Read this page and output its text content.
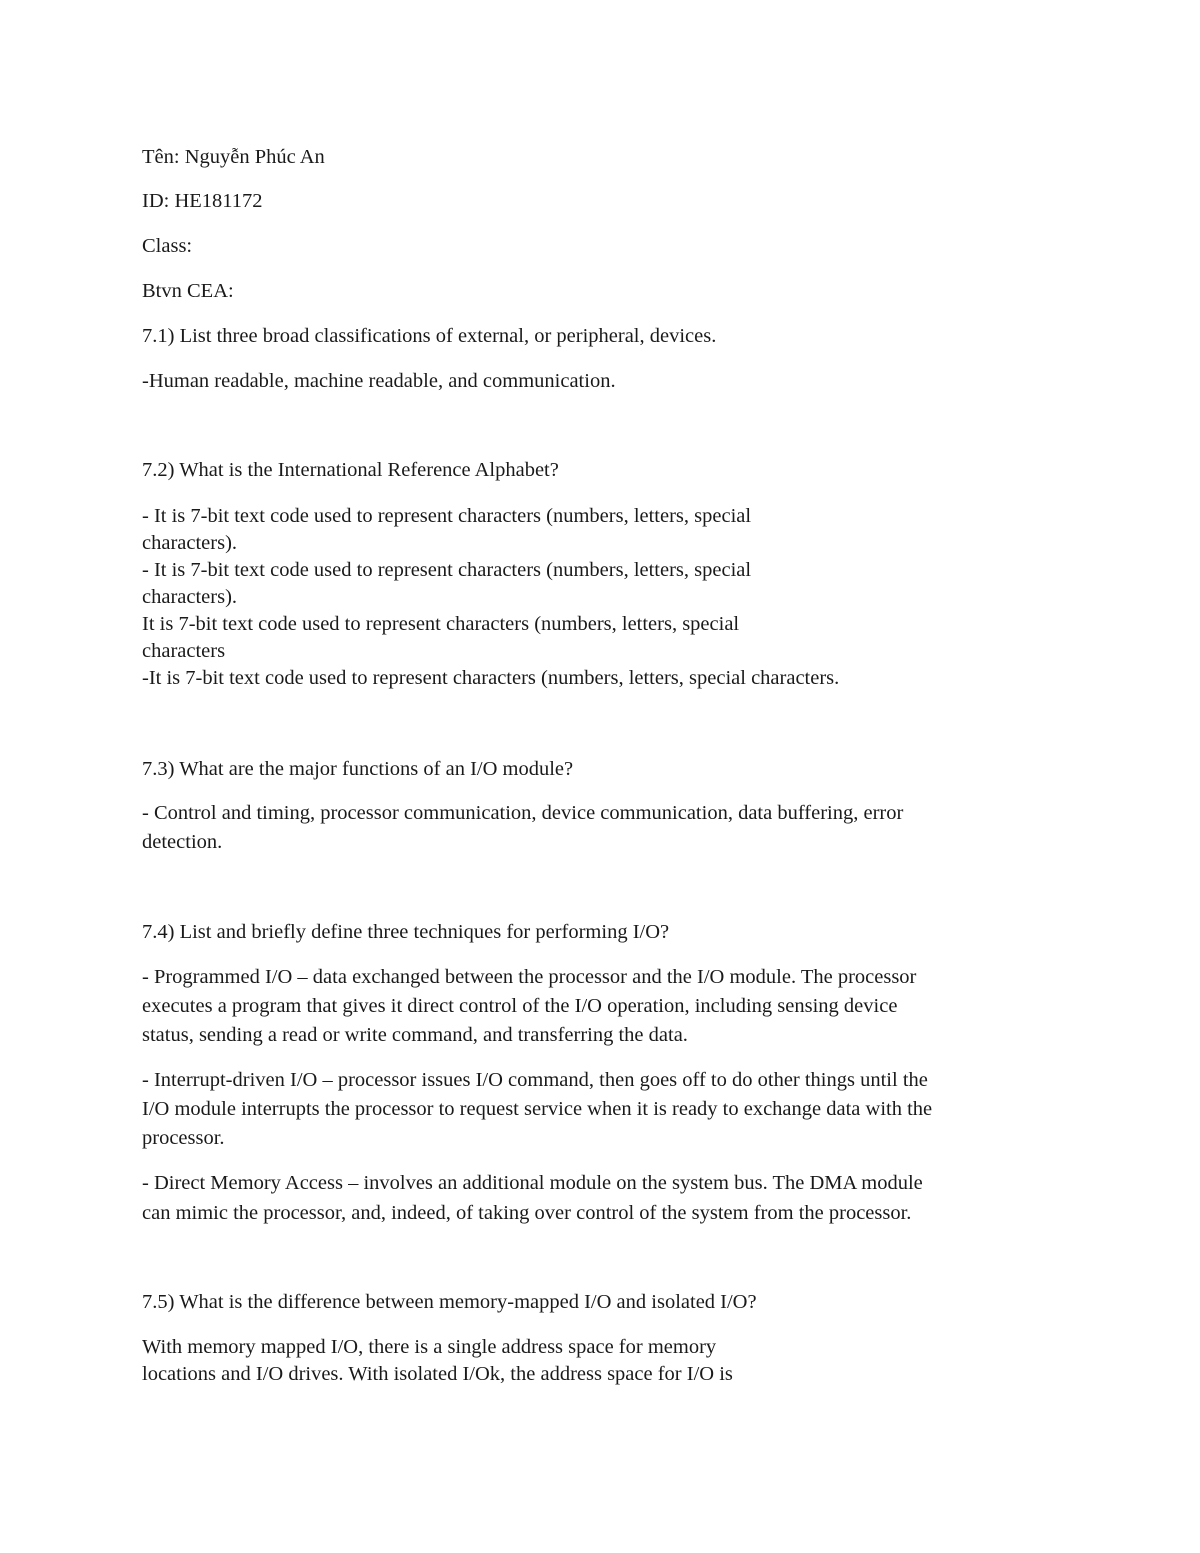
Tên: Nguyễn Phúc An
ID: HE181172
Class:
Btvn CEA:
7.1) List three broad classifications of external, or peripheral, devices.
-Human readable, machine readable, and communication.
7.2) What is the International Reference Alphabet?
- It is 7-bit text code used to represent characters (numbers, letters, special
characters).
- It is 7-bit text code used to represent characters (numbers, letters, special
characters).
It is 7-bit text code used to represent characters (numbers, letters, special
characters
-It is 7-bit text code used to represent characters (numbers, letters, special characters.
7.3) What are the major functions of an I/O module?
- Control and timing, processor communication, device communication, data buffering, error
detection.
7.4) List and briefly define three techniques for performing I/O?
- Programmed I/O – data exchanged between the processor and the I/O module. The processor
executes a program that gives it direct control of the I/O operation, including sensing device
status, sending a read or write command, and transferring the data.
- Interrupt-driven I/O – processor issues I/O command, then goes off to do other things until the
I/O module interrupts the processor to request service when it is ready to exchange data with the
processor.
- Direct Memory Access – involves an additional module on the system bus. The DMA module
can mimic the processor, and, indeed, of taking over control of the system from the processor.
7.5) What is the difference between memory-mapped I/O and isolated I/O?
With memory mapped I/O, there is a single address space for memory
locations and I/O drives. With isolated I/Ok, the address space for I/O is
